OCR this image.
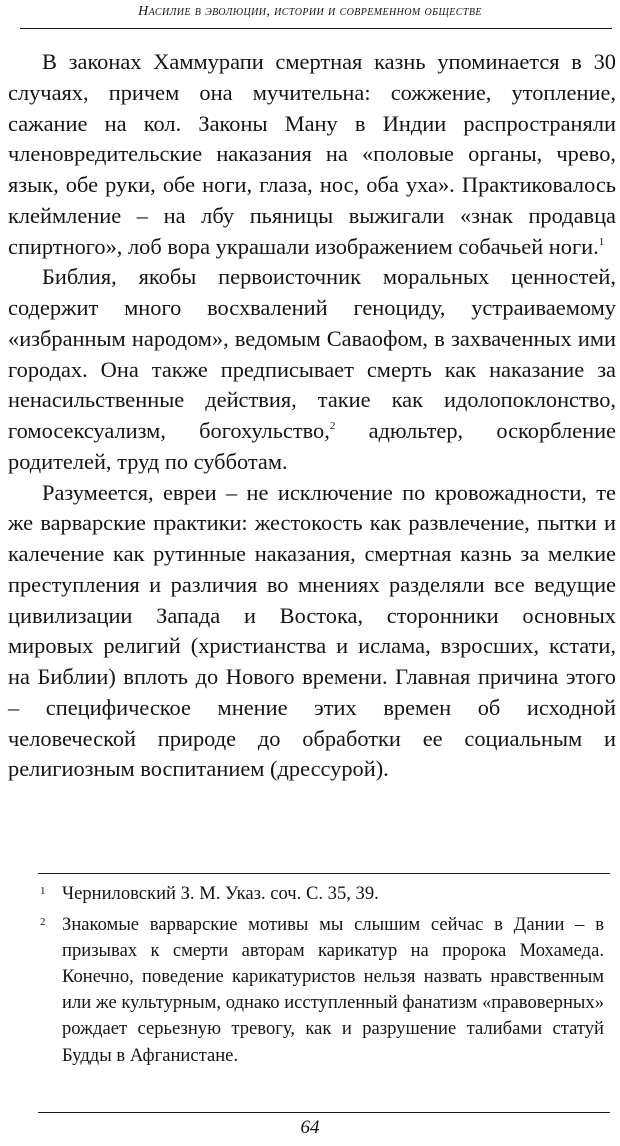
Насилие в эволюции, истории и современном обществе

В законах Хаммурапи смертная казнь упоминается в 30 случаях, причем она мучительна: сожжение, утопление, сажание на кол. Законы Ману в Индии распространяли членовредительские наказания на «половые органы, чрево, язык, обе руки, обе ноги, глаза, нос, оба уха». Практиковалось клеймление – на лбу пьяницы выжигали «знак продавца спиртного», лоб вора украшали изображением собачьей ноги.$^1$

Библия, якобы первоисточник моральных ценностей, содержит много восхвалений геноциду, устраиваемому «избранным народом», ведомым Саваофом, в захваченных ими городах. Она также предписывает смерть как наказание за ненасильственные действия, такие как идолопоклонство, гомосексуализм, богохульство,$^2$ адюльтер, оскорбление родителей, труд по субботам.

Разумеется, евреи – не исключение по кровожадности, те же варварские практики: жестокость как развлечение, пытки и калечение как рутинные наказания, смертная казнь за мелкие преступления и различия во мнениях разделяли все ведущие цивилизации Запада и Востока, сторонники основных мировых религий (христианства и ислама, взросших, кстати, на Библии) вплоть до Нового времени. Главная причина этого – специфическое мнение этих времен об исходной человеческой природе до обработки ее социальным и религиозным воспитанием (дрессурой).

1 Черниловский З. М. Указ. соч. С. 35, 39.
2 Знакомые варварские мотивы мы слышим сейчас в Дании – в призывах к смерти авторам карикатур на пророка Мохамеда. Конечно, поведение карикатуристов нельзя назвать нравственным или же культурным, однако исступленный фанатизм «правоверных» рождает серьезную тревогу, как и разрушение талибами статуй Будды в Афганистане.
64
